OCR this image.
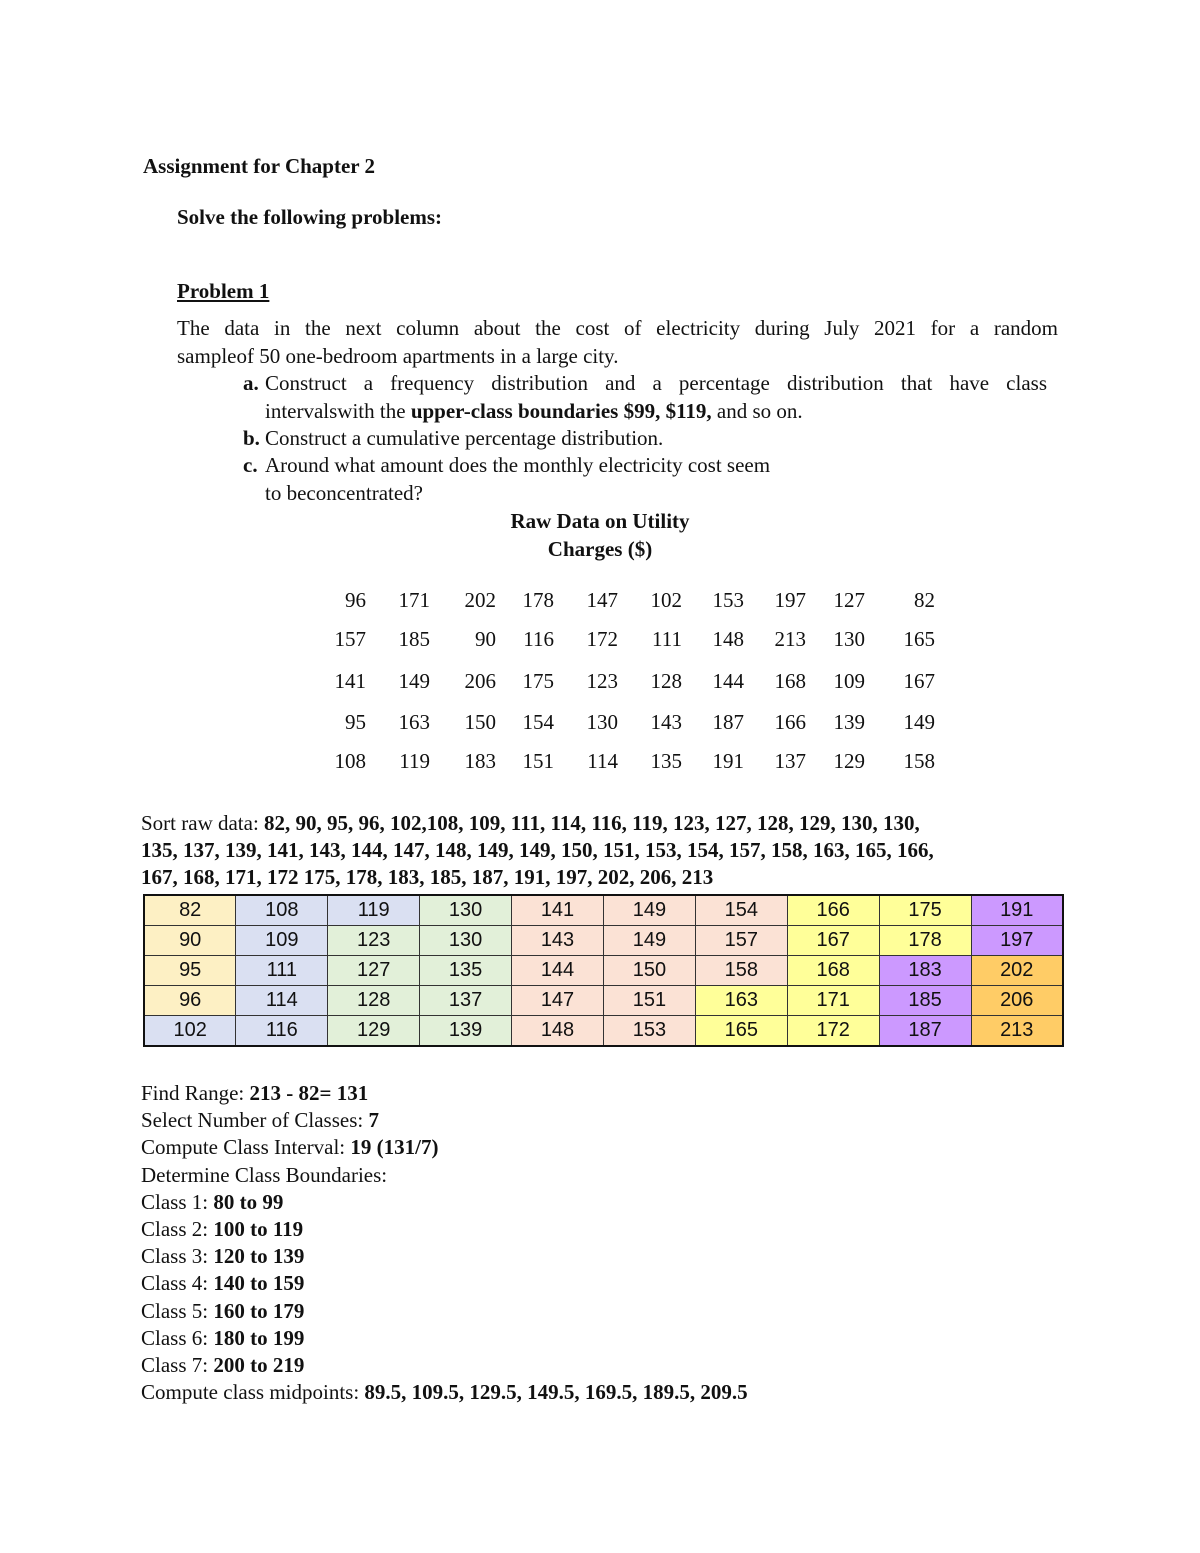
Assignment for Chapter 2
Solve the following problems:
Problem 1
The data in the next column about the cost of electricity during July 2021 for a random
sampleof 50 one-bedroom apartments in a large city.
a. Construct a frequency distribution and a percentage distribution that have class
intervalswith the upper-class boundaries $99, $119, and so on.
b. Construct a cumulative percentage distribution.
c. Around what amount does the monthly electricity cost seem
to beconcentrated?
Raw Data on Utility
Charges ($)
96	171	202	178	147	102	153	197	127	82
157	185	90	116	172	111	148	213	130	165
141	149	206	175	123	128	144	168	109	167
95	163	150	154	130	143	187	166	139	149
108	119	183	151	114	135	191	137	129	158
Sort raw data: 82, 90, 95, 96, 102,108, 109, 111, 114, 116, 119, 123, 127, 128, 129, 130, 130,
135, 137, 139, 141, 143, 144, 147, 148, 149, 149, 150, 151, 153, 154, 157, 158, 163, 165, 166,
167, 168, 171, 172 175, 178, 183, 185, 187, 191, 197, 202, 206, 213
82	108	119	130	141	149	154	166	175	191
90	109	123	130	143	149	157	167	178	197
95	111	127	135	144	150	158	168	183	202
96	114	128	137	147	151	163	171	185	206
102	116	129	139	148	153	165	172	187	213
Find Range: 213 - 82= 131
Select Number of Classes: 7
Compute Class Interval: 19 (131/7)
Determine Class Boundaries:
Class 1: 80 to 99
Class 2: 100 to 119
Class 3: 120 to 139
Class 4: 140 to 159
Class 5: 160 to 179
Class 6: 180 to 199
Class 7: 200 to 219
Compute class midpoints: 89.5, 109.5, 129.5, 149.5, 169.5, 189.5, 209.5
